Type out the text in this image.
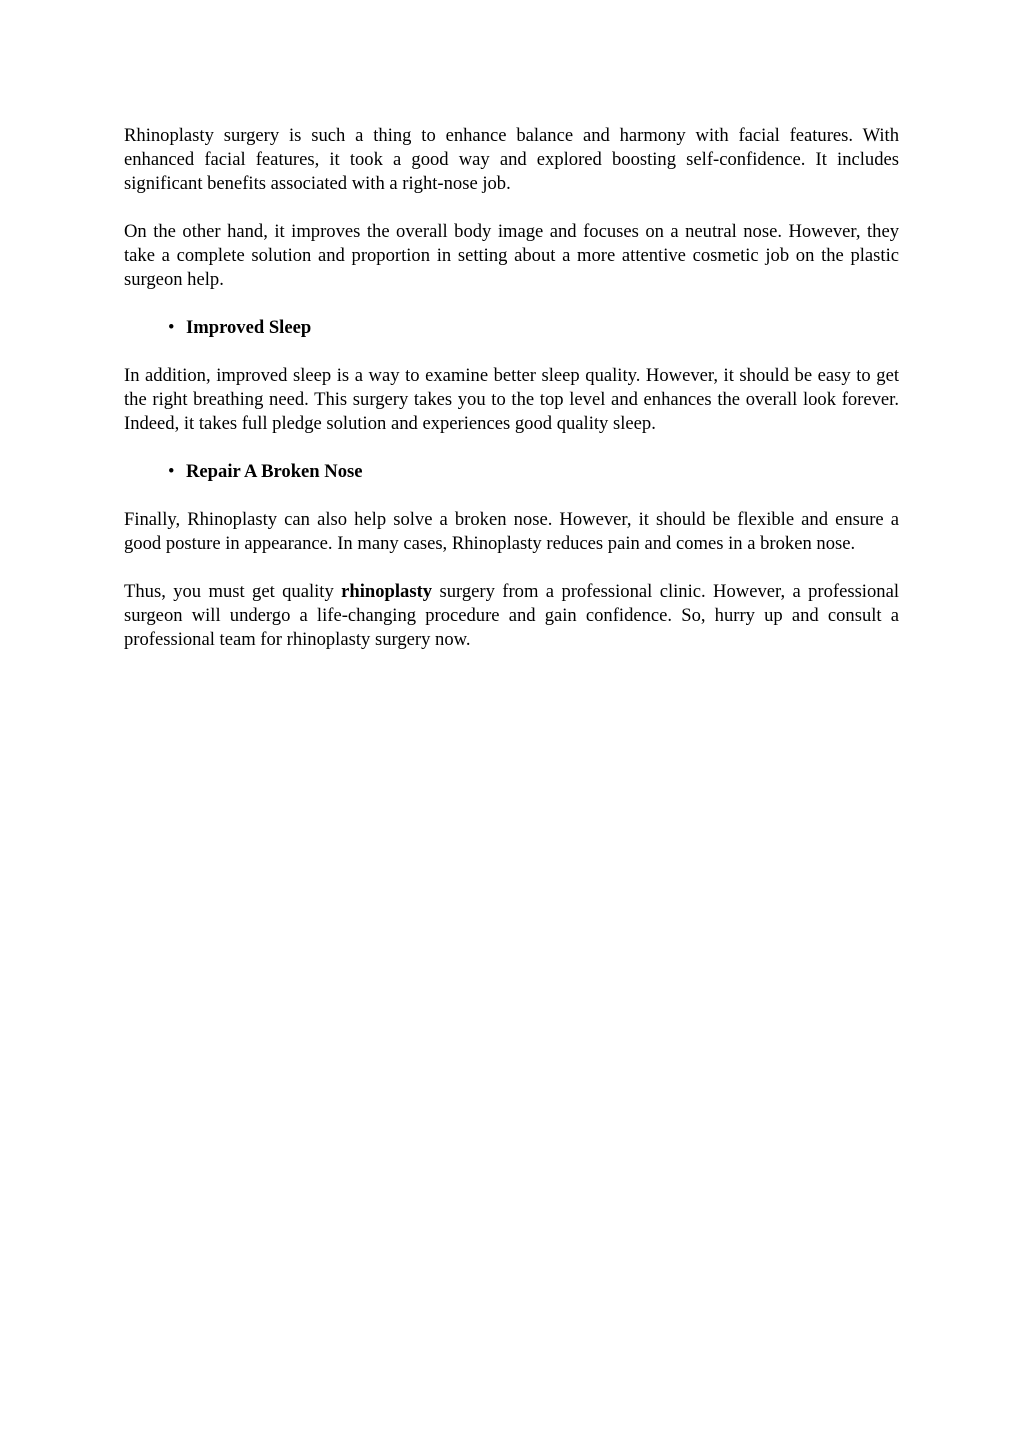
Rhinoplasty surgery is such a thing to enhance balance and harmony with facial features. With enhanced facial features, it took a good way and explored boosting self-confidence. It includes significant benefits associated with a right-nose job.

On the other hand, it improves the overall body image and focuses on a neutral nose. However, they take a complete solution and proportion in setting about a more attentive cosmetic job on the plastic surgeon help.

• Improved Sleep

In addition, improved sleep is a way to examine better sleep quality. However, it should be easy to get the right breathing need. This surgery takes you to the top level and enhances the overall look forever. Indeed, it takes full pledge solution and experiences good quality sleep.

• Repair A Broken Nose

Finally, Rhinoplasty can also help solve a broken nose. However, it should be flexible and ensure a good posture in appearance. In many cases, Rhinoplasty reduces pain and comes in a broken nose.

Thus, you must get quality rhinoplasty surgery from a professional clinic. However, a professional surgeon will undergo a life-changing procedure and gain confidence. So, hurry up and consult a professional team for rhinoplasty surgery now.
